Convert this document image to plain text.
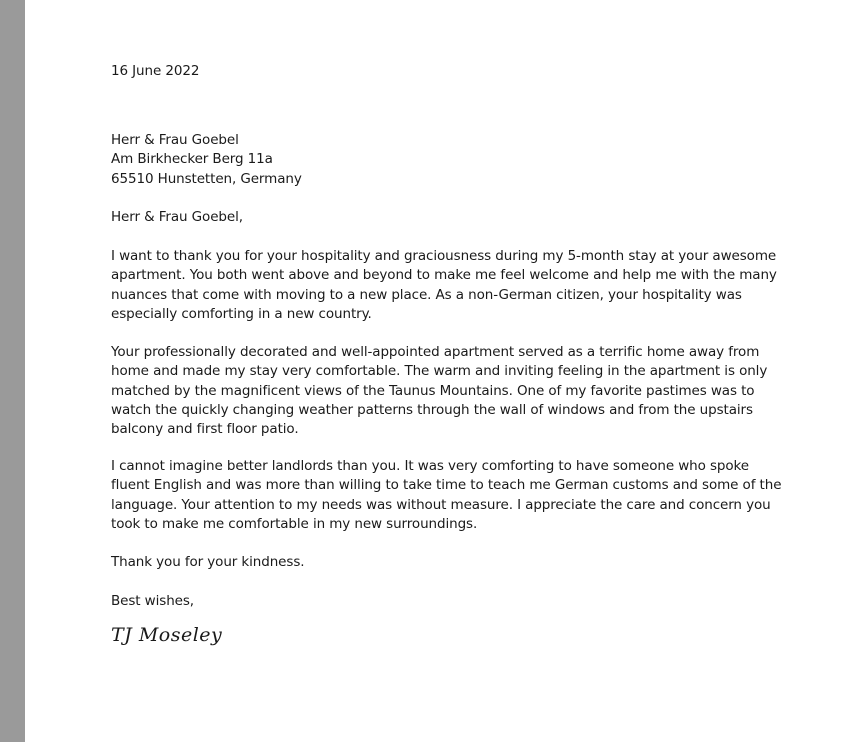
16 June 2022

Herr & Frau Goebel
Am Birkhecker Berg 11a
65510 Hunstetten, Germany

Herr & Frau Goebel,

I want to thank you for your hospitality and graciousness during my 5-month stay at your awesome apartment. You both went above and beyond to make me feel welcome and help me with the many nuances that come with moving to a new place. As a non-German citizen, your hospitality was especially comforting in a new country.

Your professionally decorated and well-appointed apartment served as a terrific home away from home and made my stay very comfortable. The warm and inviting feeling in the apartment is only matched by the magnificent views of the Taunus Mountains. One of my favorite pastimes was to watch the quickly changing weather patterns through the wall of windows and from the upstairs balcony and first floor patio.

I cannot imagine better landlords than you. It was very comforting to have someone who spoke fluent English and was more than willing to take time to teach me German customs and some of the language. Your attention to my needs was without measure. I appreciate the care and concern you took to make me comfortable in my new surroundings.

Thank you for your kindness.

Best wishes,

TJ Moseley
